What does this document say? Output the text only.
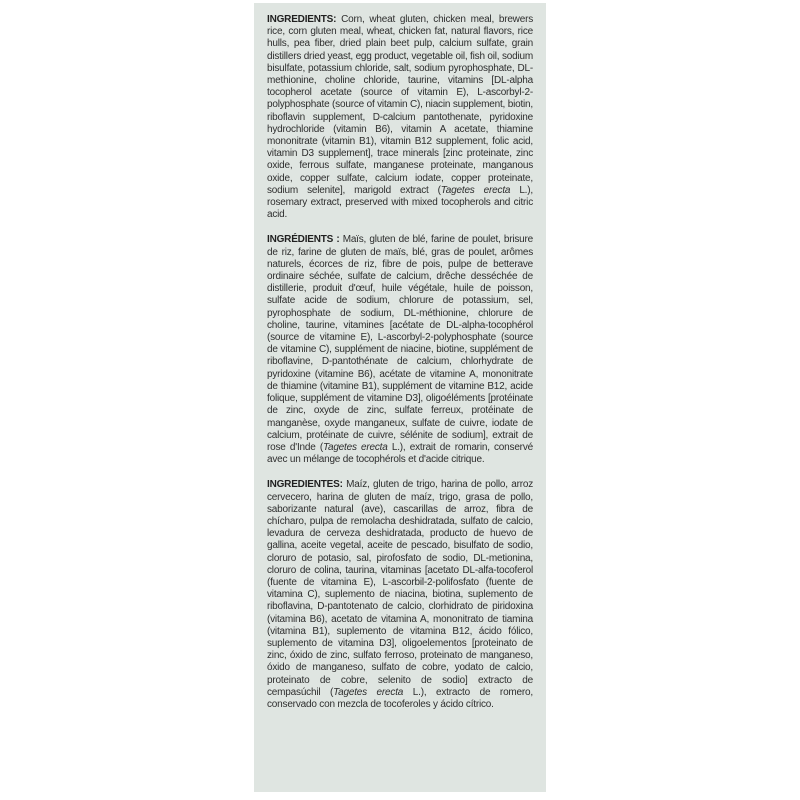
INGREDIENTS: Corn, wheat gluten, chicken meal, brewers rice, corn gluten meal, wheat, chicken fat, natural flavors, rice hulls, pea fiber, dried plain beet pulp, calcium sulfate, grain distillers dried yeast, egg product, vegetable oil, fish oil, sodium bisulfate, potassium chloride, salt, sodium pyrophosphate, DL-methionine, choline chloride, taurine, vitamins [DL-alpha tocopherol acetate (source of vitamin E), L-ascorbyl-2-polyphosphate (source of vitamin C), niacin supplement, biotin, riboflavin supplement, D-calcium pantothenate, pyridoxine hydrochloride (vitamin B6), vitamin A acetate, thiamine mononitrate (vitamin B1), vitamin B12 supplement, folic acid, vitamin D3 supplement], trace minerals [zinc proteinate, zinc oxide, ferrous sulfate, manganese proteinate, manganous oxide, copper sulfate, calcium iodate, copper proteinate, sodium selenite], marigold extract (Tagetes erecta L.), rosemary extract, preserved with mixed tocopherols and citric acid.

INGRÉDIENTS : Maïs, gluten de blé, farine de poulet, brisure de riz, farine de gluten de maïs, blé, gras de poulet, arômes naturels, écorces de riz, fibre de pois, pulpe de betterave ordinaire séchée, sulfate de calcium, drêche desséchée de distillerie, produit d'œuf, huile végétale, huile de poisson, sulfate acide de sodium, chlorure de potassium, sel, pyrophosphate de sodium, DL-méthionine, chlorure de choline, taurine, vitamines [acétate de DL-alpha-tocophérol (source de vitamine E), L-ascorbyl-2-polyphosphate (source de vitamine C), supplément de niacine, biotine, supplément de riboflavine, D-pantothénate de calcium, chlorhydrate de pyridoxine (vitamine B6), acétate de vitamine A, mononitrate de thiamine (vitamine B1), supplément de vitamine B12, acide folique, supplément de vitamine D3], oligoéléments [protéinate de zinc, oxyde de zinc, sulfate ferreux, protéinate de manganèse, oxyde manganeux, sulfate de cuivre, iodate de calcium, protéinate de cuivre, sélénite de sodium], extrait de rose d'Inde (Tagetes erecta L.), extrait de romarin, conservé avec un mélange de tocophérols et d'acide citrique.

INGREDIENTES: Maíz, gluten de trigo, harina de pollo, arroz cervecero, harina de gluten de maíz, trigo, grasa de pollo, saborizante natural (ave), cascarillas de arroz, fibra de chícharo, pulpa de remolacha deshidratada, sulfato de calcio, levadura de cerveza deshidratada, producto de huevo de gallina, aceite vegetal, aceite de pescado, bisulfato de sodio, cloruro de potasio, sal, pirofosfato de sodio, DL-metionina, cloruro de colina, taurina, vitaminas [acetato DL-alfa-tocoferol (fuente de vitamina E), L-ascorbil-2-polifosfato (fuente de vitamina C), suplemento de niacina, biotina, suplemento de riboflavina, D-pantotenato de calcio, clorhidrato de piridoxina (vitamina B6), acetato de vitamina A, mononitrato de tiamina (vitamina B1), suplemento de vitamina B12, ácido fólico, suplemento de vitamina D3], oligoelementos [proteinato de zinc, óxido de zinc, sulfato ferroso, proteinato de manganeso, óxido de manganeso, sulfato de cobre, yodato de calcio, proteinato de cobre, selenito de sodio] extracto de cempasúchil (Tagetes erecta L.), extracto de romero, conservado con mezcla de tocoferoles y ácido cítrico.
